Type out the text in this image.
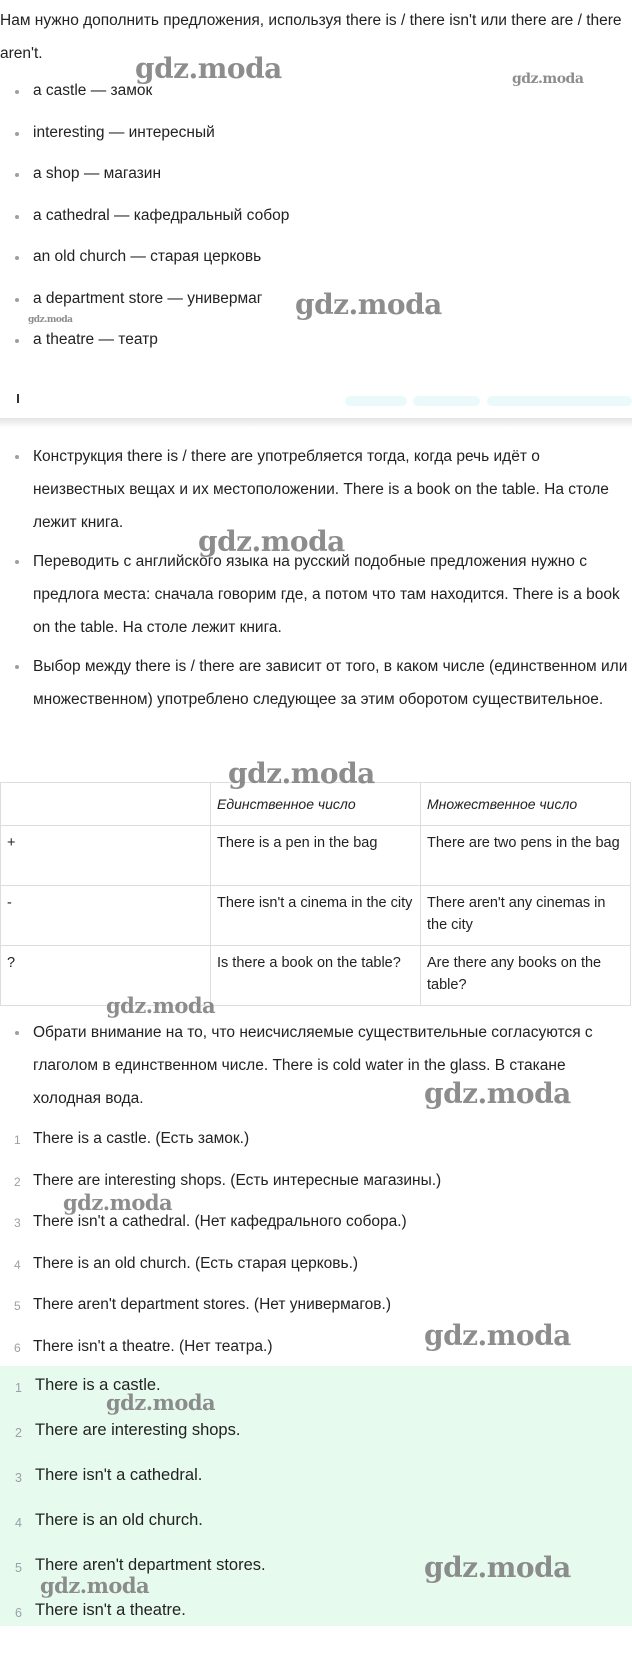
Нам нужно дополнить предложения, используя there is / there isn't или there are / there aren't.
a castle — замок
interesting — интересный
a shop — магазин
a cathedral — кафедральный собор
an old church — старая церковь
a department store — универмаг
a theatre — театр
Конструкция there is / there are употребляется тогда, когда речь идёт о неизвестных вещах и их местоположении. There is a book on the table. На столе лежит книга.
Переводить с английского языка на русский подобные предложения нужно с предлога места: сначала говорим где, а потом что там находится. There is a book on the table. На столе лежит книга.
Выбор между there is / there are зависит от того, в каком числе (единственном или множественном) употреблено следующее за этим оборотом существительное.
	Единственное число	Множественное число
+	There is a pen in the bag	There are two pens in the bag
-	There isn't a cinema in the city	There aren't any cinemas in the city
?	Is there a book on the table?	Are there any books on the table?
Обрати внимание на то, что неисчисляемые существительные согласуются с глаголом в единственном числе. There is cold water in the glass. В стакане холодная вода.
1 There is a castle. (Есть замок.)
2 There are interesting shops. (Есть интересные магазины.)
3 There isn't a cathedral. (Нет кафедрального собора.)
4 There is an old church. (Есть старая церковь.)
5 There aren't department stores. (Нет универмагов.)
6 There isn't a theatre. (Нет театра.)
1 There is a castle.
2 There are interesting shops.
3 There isn't a cathedral.
4 There is an old church.
5 There aren't department stores.
6 There isn't a theatre.
gdz.moda	gdz.moda
gdz.moda
gdz.moda
gdz.moda
gdz.moda
gdz.moda
gdz.moda
gdz.moda
gdz.moda
gdz.moda
gdz.moda
gdz.moda
